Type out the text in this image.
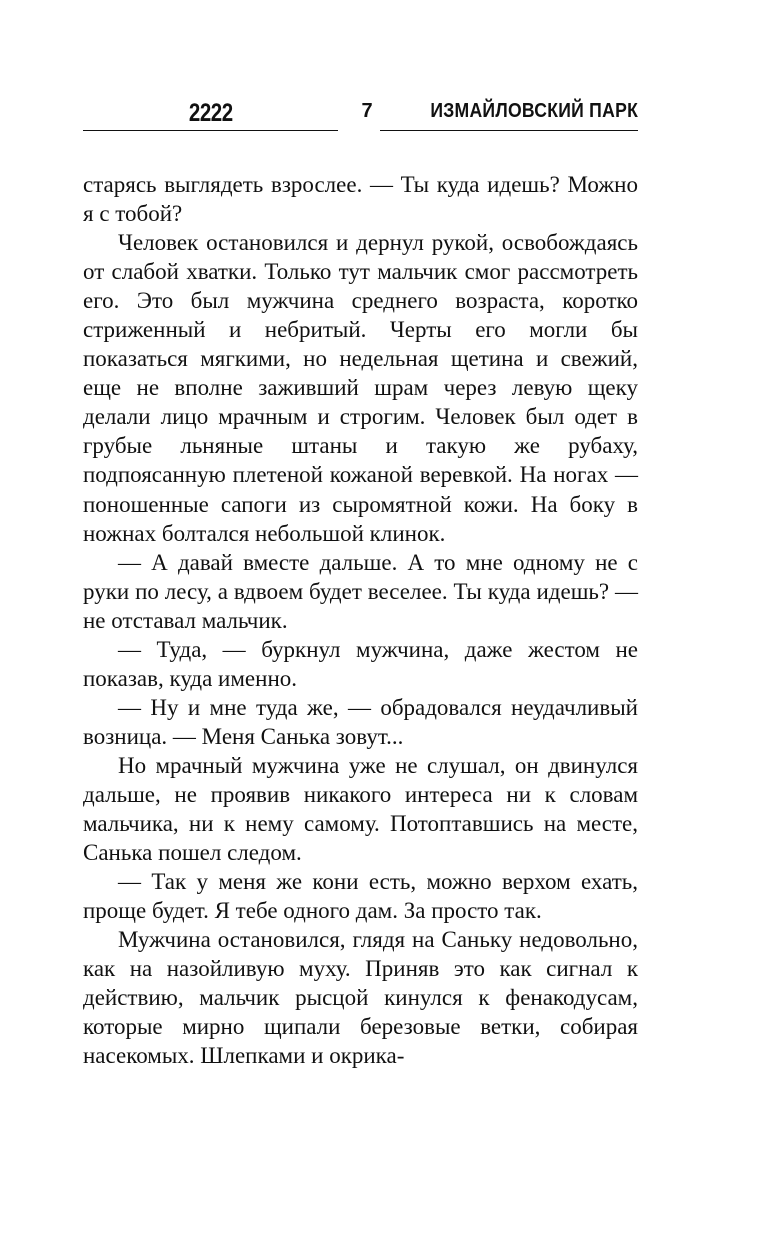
2222	7	ИЗМАЙЛОВСКИЙ ПАРК

старясь выглядеть взрослее. — Ты куда идешь? Можно я с тобой?

Человек остановился и дернул рукой, освобождаясь от слабой хватки. Только тут мальчик смог рассмотреть его. Это был мужчина среднего возраста, коротко стриженный и небритый. Черты его могли бы показаться мягкими, но недельная щетина и свежий, еще не вполне заживший шрам через левую щеку делали лицо мрачным и строгим. Человек был одет в грубые льняные штаны и такую же рубаху, подпоясанную плетеной кожаной веревкой. На ногах — поношенные сапоги из сыромятной кожи. На боку в ножнах болтался небольшой клинок.

— А давай вместе дальше. А то мне одному не с руки по лесу, а вдвоем будет веселее. Ты куда идешь? — не отставал мальчик.

— Туда, — буркнул мужчина, даже жестом не показав, куда именно.

— Ну и мне туда же, — обрадовался неудачливый возница. — Меня Санька зовут...

Но мрачный мужчина уже не слушал, он двинулся дальше, не проявив никакого интереса ни к словам мальчика, ни к нему самому. Потоптавшись на месте, Санька пошел следом.

— Так у меня же кони есть, можно верхом ехать, проще будет. Я тебе одного дам. За просто так.

Мужчина остановился, глядя на Саньку недовольно, как на назойливую муху. Приняв это как сигнал к действию, мальчик рысцой кинулся к фенакодусам, которые мирно щипали березовые ветки, собирая насекомых. Шлепками и окрика-
